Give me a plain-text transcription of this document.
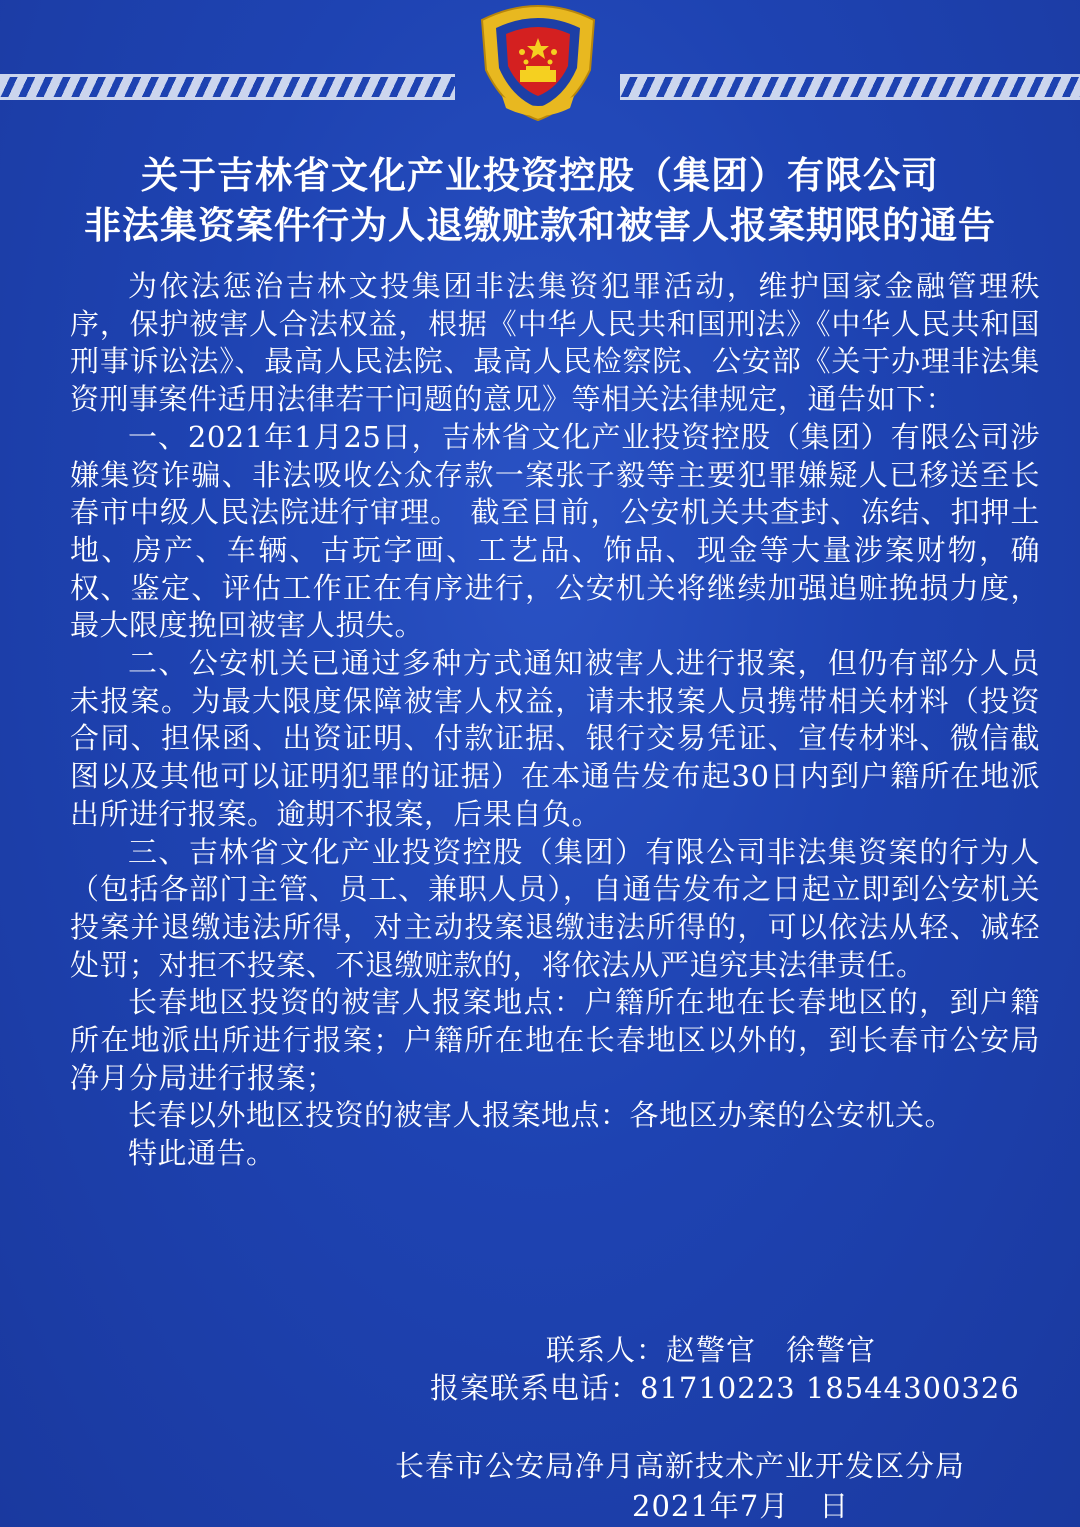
关于吉林省文化产业投资控股（集团）有限公司
非法集资案件行为人退缴赃款和被害人报案期限的通告

为依法惩治吉林文投集团非法集资犯罪活动，维护国家金融管理秩序，保护被害人合法权益，根据《中华人民共和国刑法》《中华人民共和国刑事诉讼法》、最高人民法院、最高人民检察院、公安部《关于办理非法集资刑事案件适用法律若干问题的意见》等相关法律规定，通告如下：

一、2021年1月25日，吉林省文化产业投资控股（集团）有限公司涉嫌集资诈骗、非法吸收公众存款一案张子毅等主要犯罪嫌疑人已移送至长春市中级人民法院进行审理。 截至目前，公安机关共查封、冻结、扣押土地、房产、车辆、古玩字画、工艺品、饰品、现金等大量涉案财物，确权、鉴定、评估工作正在有序进行，公安机关将继续加强追赃挽损力度，最大限度挽回被害人损失。

二、公安机关已通过多种方式通知被害人进行报案，但仍有部分人员未报案。为最大限度保障被害人权益，请未报案人员携带相关材料（投资合同、担保函、出资证明、付款证据、银行交易凭证、宣传材料、微信截图以及其他可以证明犯罪的证据）在本通告发布起30日内到户籍所在地派出所进行报案。逾期不报案，后果自负。

三、吉林省文化产业投资控股（集团）有限公司非法集资案的行为人（包括各部门主管、员工、兼职人员），自通告发布之日起立即到公安机关投案并退缴违法所得，对主动投案退缴违法所得的，可以依法从轻、减轻处罚；对拒不投案、不退缴赃款的，将依法从严追究其法律责任。

长春地区投资的被害人报案地点：户籍所在地在长春地区的，到户籍所在地派出所进行报案；户籍所在地在长春地区以外的，到长春市公安局净月分局进行报案；

长春以外地区投资的被害人报案地点：各地区办案的公安机关。

特此通告。

联系人：赵警官　徐警官
报案联系电话：81710223 18544300326
长春市公安局净月高新技术产业开发区分局
2021年7月　日
